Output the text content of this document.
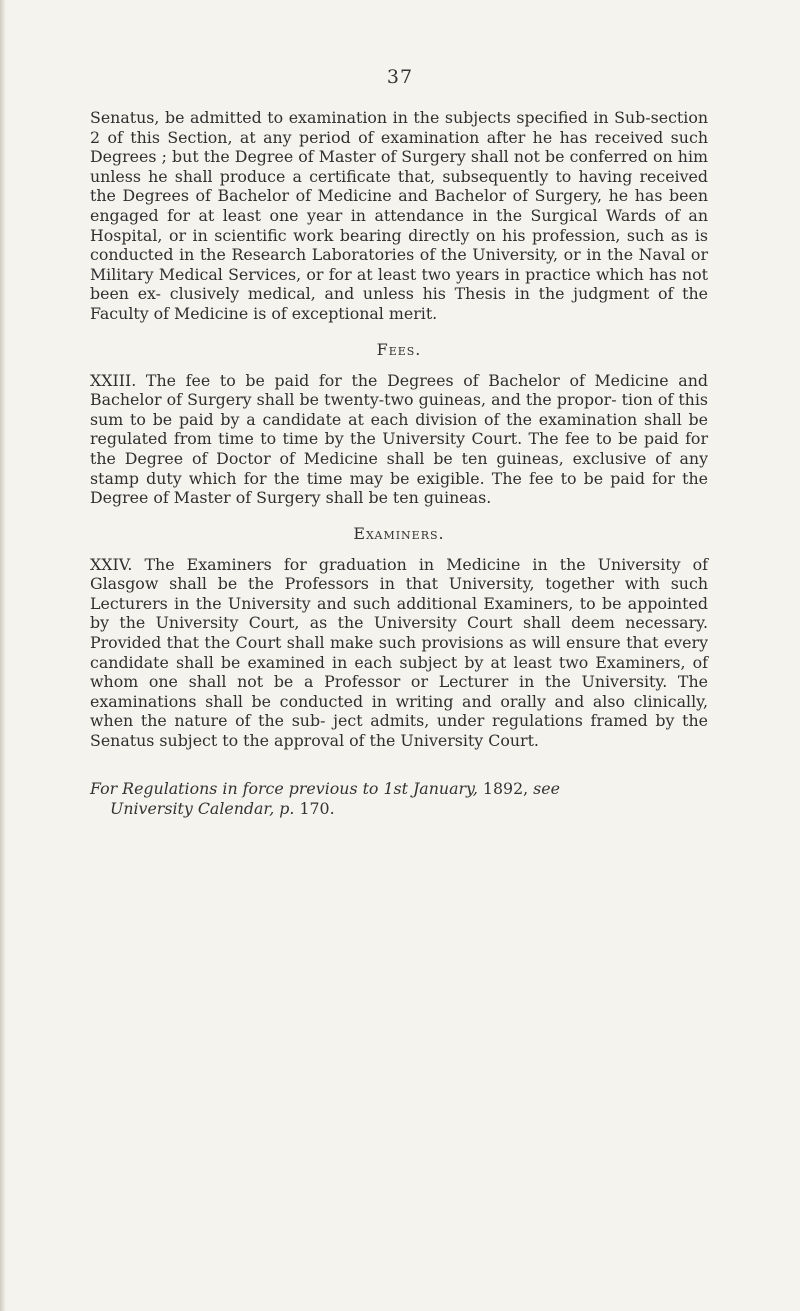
37

Senatus, be admitted to examination in the subjects specified in Sub-section 2 of this Section, at any period of examination after he has received such Degrees ; but the Degree of Master of Surgery shall not be conferred on him unless he shall produce a certificate that, subsequently to having received the Degrees of Bachelor of Medicine and Bachelor of Surgery, he has been engaged for at least one year in attendance in the Surgical Wards of an Hospital, or in scientific work bearing directly on his profession, such as is conducted in the Research Laboratories of the University, or in the Naval or Military Medical Services, or for at least two years in practice which has not been ex- clusively medical, and unless his Thesis in the judgment of the Faculty of Medicine is of exceptional merit.

Fees.

XXIII. The fee to be paid for the Degrees of Bachelor of Medicine and Bachelor of Surgery shall be twenty-two guineas, and the propor- tion of this sum to be paid by a candidate at each division of the examination shall be regulated from time to time by the University Court. The fee to be paid for the Degree of Doctor of Medicine shall be ten guineas, exclusive of any stamp duty which for the time may be exigible. The fee to be paid for the Degree of Master of Surgery shall be ten guineas.

Examiners.

XXIV. The Examiners for graduation in Medicine in the University of Glasgow shall be the Professors in that University, together with such Lecturers in the University and such additional Examiners, to be appointed by the University Court, as the University Court shall deem necessary. Provided that the Court shall make such provisions as will ensure that every candidate shall be examined in each subject by at least two Examiners, of whom one shall not be a Professor or Lecturer in the University. The examinations shall be conducted in writing and orally and also clinically, when the nature of the sub- ject admits, under regulations framed by the Senatus subject to the approval of the University Court.

For Regulations in force previous to 1st January, 1892, see
University Calendar, p. 170.
